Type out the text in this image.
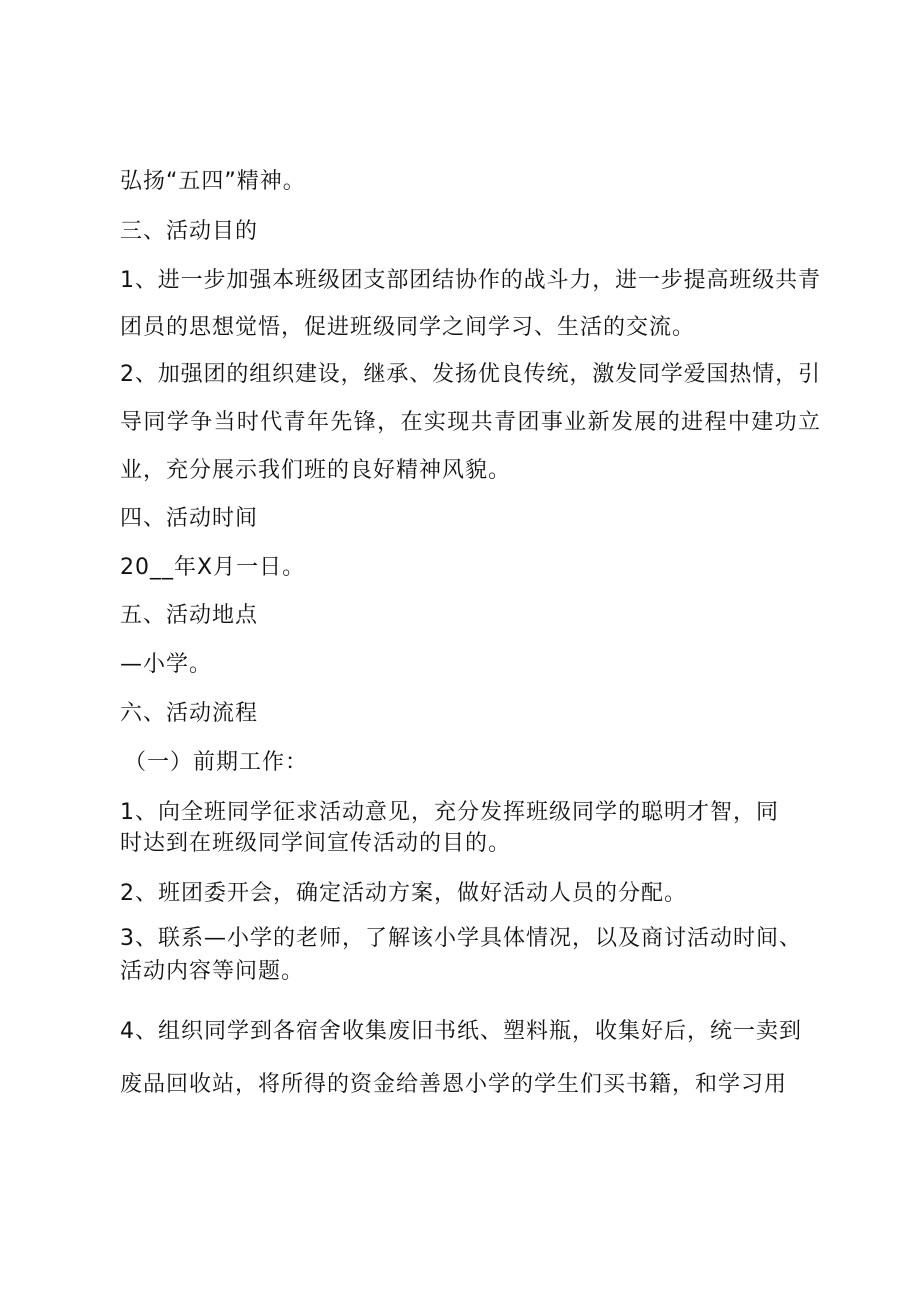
弘扬“五四”精神。
三、活动目的
1、进一步加强本班级团支部团结协作的战斗力，进一步提高班级共青
团员的思想觉悟，促进班级同学之间学习、生活的交流。
2、加强团的组织建设，继承、发扬优良传统，激发同学爱国热情，引
导同学争当时代青年先锋，在实现共青团事业新发展的进程中建功立
业，充分展示我们班的良好精神风貌。
四、活动时间
20__年X月一日。
五、活动地点
—小学。
六、活动流程
（一）前期工作：
1、向全班同学征求活动意见，充分发挥班级同学的聪明才智，同
时达到在班级同学间宣传活动的目的。
2、班团委开会，确定活动方案，做好活动人员的分配。
3、联系—小学的老师，了解该小学具体情况，以及商讨活动时间、
活动内容等问题。
4、组织同学到各宿舍收集废旧书纸、塑料瓶，收集好后，统一卖到
废品回收站，将所得的资金给善恩小学的学生们买书籍，和学习用
